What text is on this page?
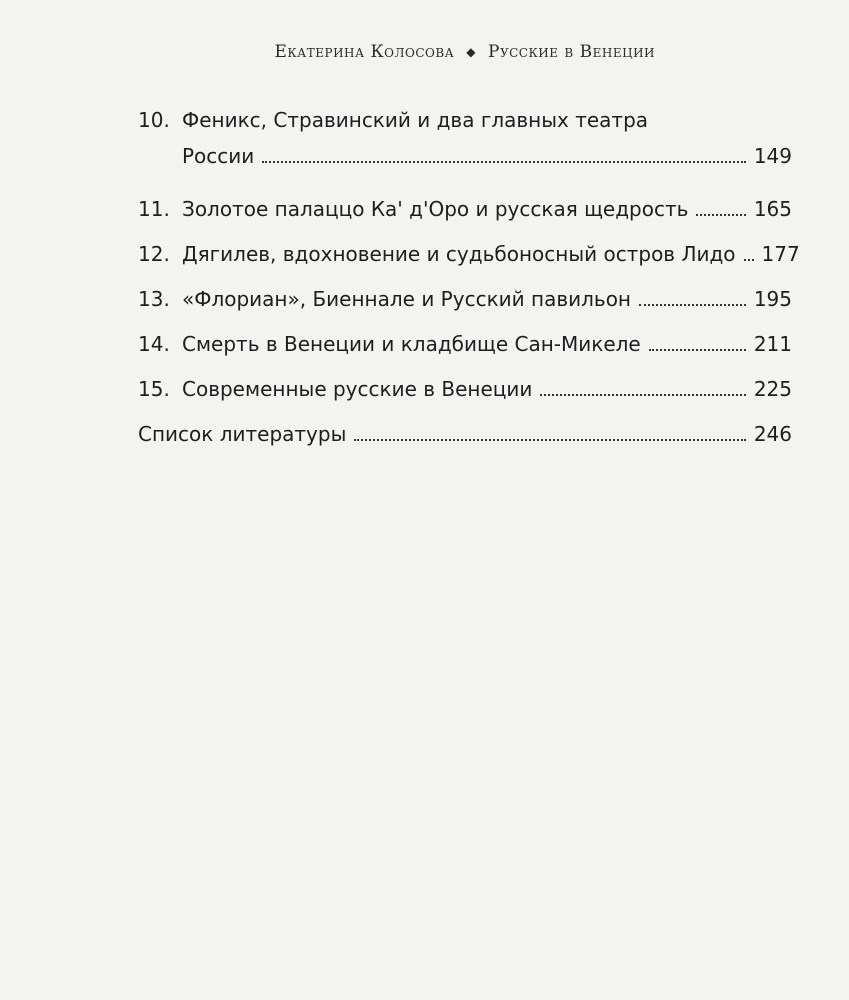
Екатерина Колосова ◆ Русские в Венеции
10. Феникс, Стравинский и два главных театра
России	149
11. Золотое палаццо Ка' д'Оро и русская щедрость	165
12. Дягилев, вдохновение и судьбоносный остров Лидо 177
13. «Флориан», Биеннале и Русский павильон	195
14. Смерть в Венеции и кладбище Сан-Микеле	211
15. Современные русские в Венеции	225
Список литературы	246
